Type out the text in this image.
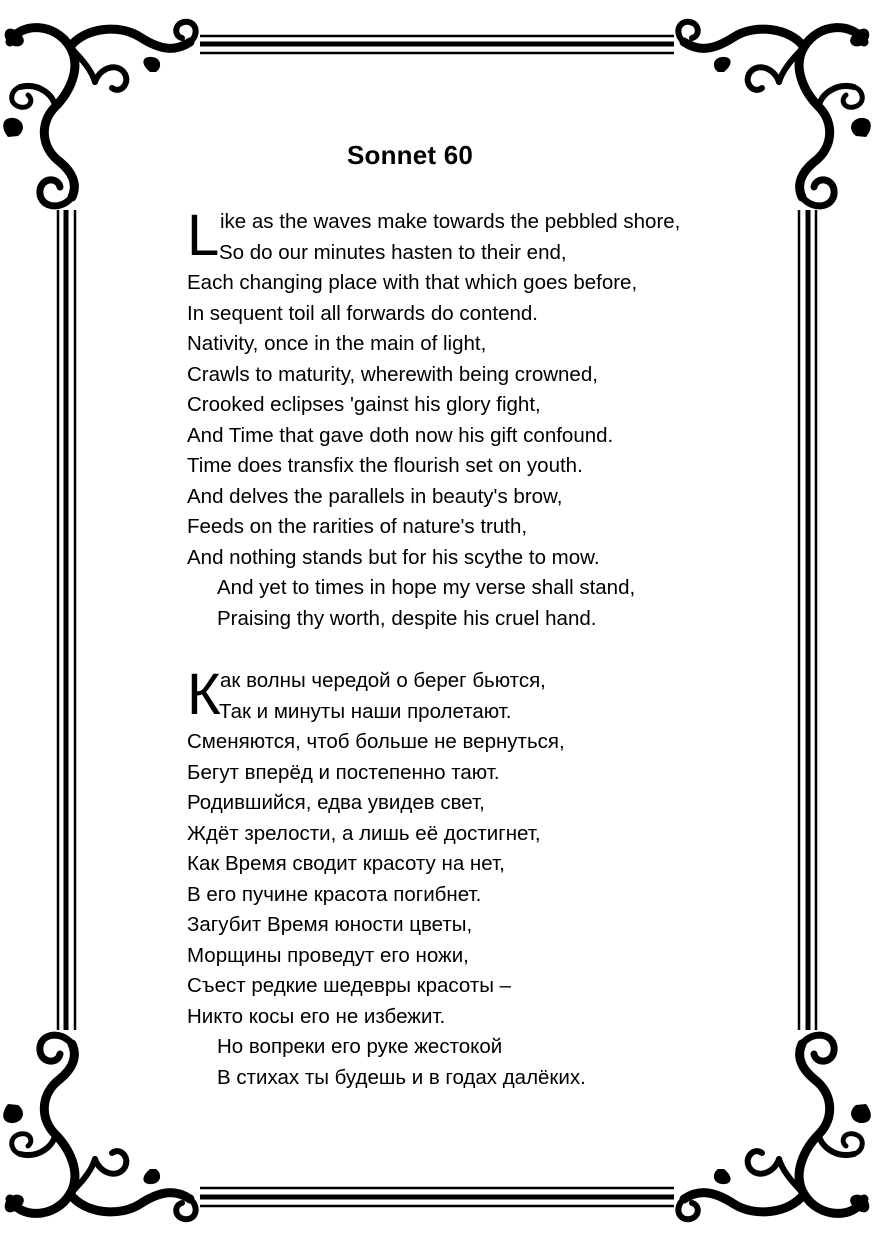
Sonnet 60
L ike as the waves make towards the pebbled shore,
So do our minutes hasten to their end,
Each changing place with that which goes before,
In sequent toil all forwards do contend.
Nativity, once in the main of light,
Crawls to maturity, wherewith being crowned,
Crooked eclipses 'gainst his glory fight,
And Time that gave doth now his gift confound.
Time does transfix the flourish set on youth.
And delves the parallels in beauty's brow,
Feeds on the rarities of nature's truth,
And nothing stands but for his scythe to mow.
And yet to times in hope my verse shall stand,
Praising thy worth, despite his cruel hand.
К ак волны чередой о берег бьются,
Так и минуты наши пролетают.
Сменяются, чтоб больше не вернуться,
Бегут вперёд и постепенно тают.
Родившийся, едва увидев свет,
Ждёт зрелости, а лишь её достигнет,
Как Время сводит красоту на нет,
В его пучине красота погибнет.
Загубит Время юности цветы,
Морщины проведут его ножи,
Съест редкие шедевры красоты –
Никто косы его не избежит.
Но вопреки его руке жестокой
В стихах ты будешь и в годах далёких.
